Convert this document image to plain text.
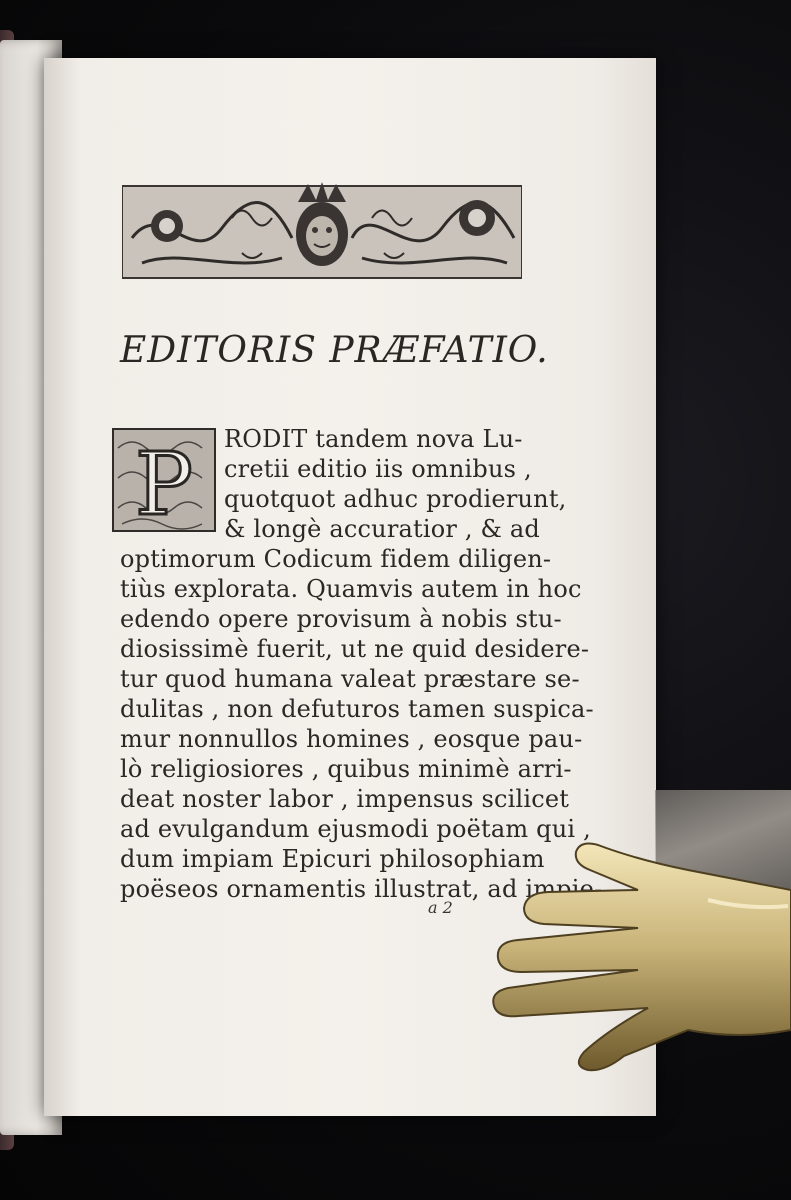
EDITORIS PRÆFATIO.
P RODIT tandem nova Lu-
cretii editio iis omnibus ,
quotquot adhuc prodierunt,
& longè accuratior , & ad
optimorum Codicum fidem diligen-
tiùs explorata. Quamvis autem in hoc
edendo opere provisum à nobis stu-
diosissimè fuerit, ut ne quid desidere-
tur quod humana valeat præstare se-
dulitas , non defuturos tamen suspica-
mur nonnullos homines , eosque pau-
lò religiosiores , quibus minimè arri-
deat noster labor , impensus scilicet
ad evulgandum ejusmodi poëtam qui ,
dum impiam Epicuri philosophiam
poëseos ornamentis illustrat, ad impie-
a 2
